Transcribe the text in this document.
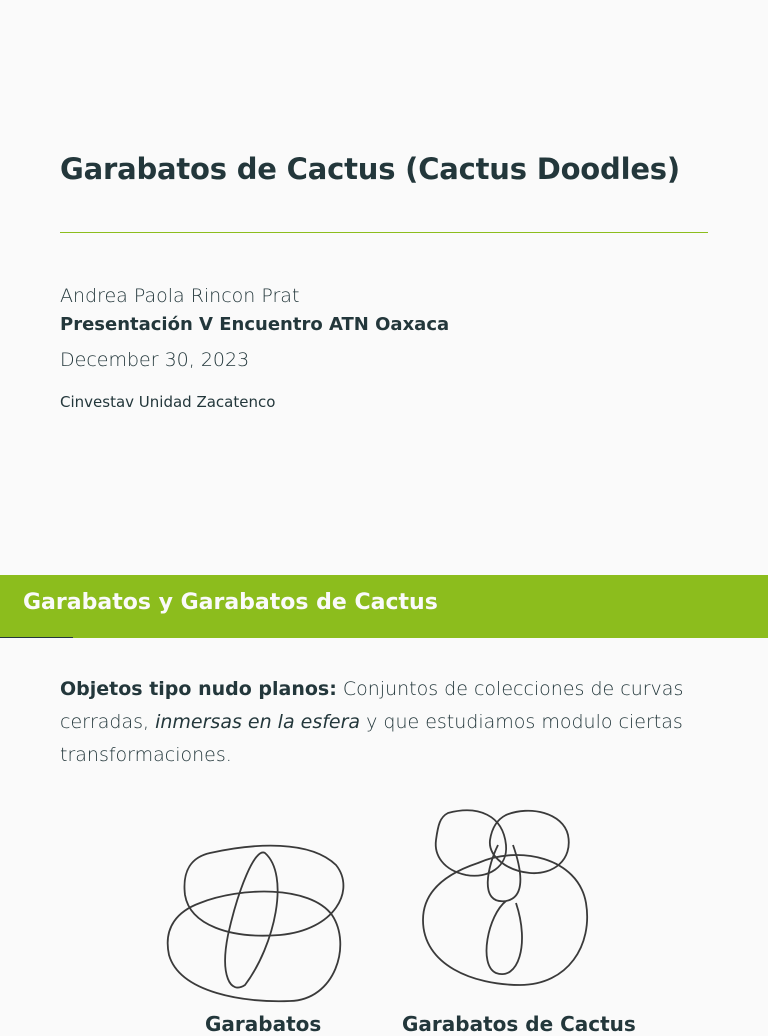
Garabatos de Cactus (Cactus Doodles)
Andrea Paola Rincon Prat
Presentación V Encuentro ATN Oaxaca
December 30, 2023
Cinvestav Unidad Zacatenco
Garabatos y Garabatos de Cactus
Objetos tipo nudo planos: Conjuntos de colecciones de curvas cerradas, inmersas en la esfera y que estudiamos modulo ciertas transformaciones.
Garabatos	Garabatos de Cactus
